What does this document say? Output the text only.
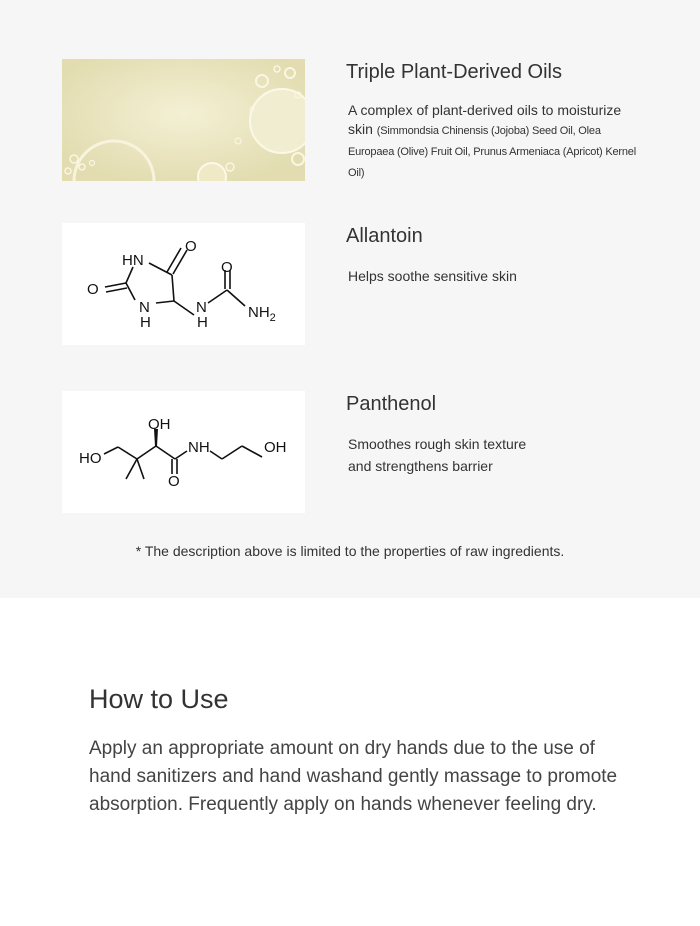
Triple Plant-Derived Oils
A complex of plant-derived oils to moisturize skin (Simmondsia Chinensis (Jojoba) Seed Oil, Olea Europaea (Olive) Fruit Oil, Prunus Armeniaca (Apricot) Kernel Oil)
HN
O
O
O
N
H
N
H
$NH_2$
Allantoin
Helps soothe sensitive skin
OH
HO
NH	OH
O
Panthenol
Smoothes rough skin texture
and strengthens barrier
* The description above is limited to the properties of raw ingredients.
How to Use
Apply an appropriate amount on dry hands due to the use of hand sanitizers and hand washand gently massage to promote absorption. Frequently apply on hands whenever feeling dry.
